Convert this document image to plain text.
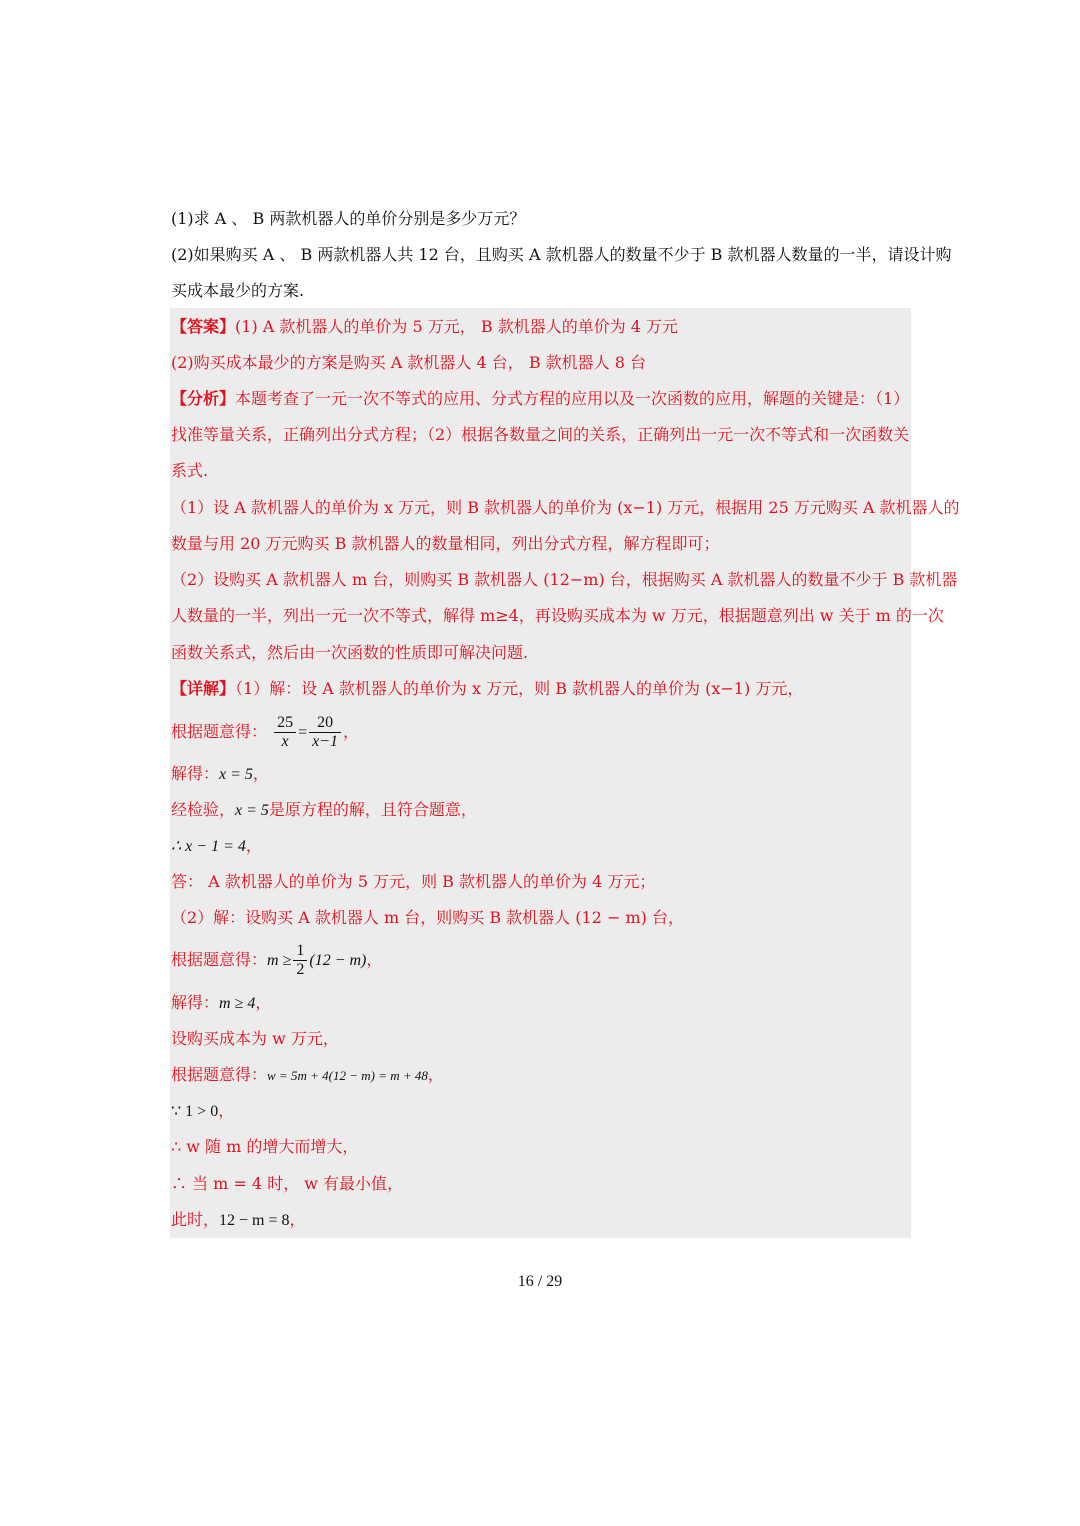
(1)求 A 、 B 两款机器人的单价分别是多少万元？
(2)如果购买 A 、 B 两款机器人共 12 台，且购买 A 款机器人的数量不少于 B 款机器人数量的一半，请设计购
买成本最少的方案.
【答案】(1) A 款机器人的单价为 5 万元， B 款机器人的单价为 4 万元
(2)购买成本最少的方案是购买 A 款机器人 4 台， B 款机器人 8 台
【分析】本题考查了一元一次不等式的应用、分式方程的应用以及一次函数的应用，解题的关键是：（1）
找准等量关系，正确列出分式方程；（2）根据各数量之间的关系，正确列出一元一次不等式和一次函数关
系式.
（1）设 A 款机器人的单价为 x 万元，则 B 款机器人的单价为 (x−1) 万元，根据用 25 万元购买 A 款机器人的
数量与用 20 万元购买 B 款机器人的数量相同，列出分式方程，解方程即可；
（2）设购买 A 款机器人 m 台，则购买 B 款机器人 (12−m) 台，根据购买 A 款机器人的数量不少于 B 款机器
人数量的一半，列出一元一次不等式，解得 m≥4，再设购买成本为 w 万元，根据题意列出 w 关于 m 的一次
函数关系式，然后由一次函数的性质即可解决问题.
【详解】（1）解：设 A 款机器人的单价为 x 万元，则 B 款机器人的单价为 (x−1) 万元，
根据题意得： $\frac{25}{x} = \frac{20}{x-1}$ ，
解得：x = 5，
经检验，x = 5是原方程的解，且符合题意，
∴ x − 1 = 4，
答： A 款机器人的单价为 5 万元，则 B 款机器人的单价为 4 万元；
（2）解：设购买 A 款机器人 m 台，则购买 B 款机器人 (12 − m) 台，
根据题意得：$m \ge \frac{1}{2} (12 - m)$，
解得：m ≥ 4，
设购买成本为 w 万元，
根据题意得：w = 5m + 4(12 − m) = m + 48，
∵ 1 > 0，
∴ w 随 m 的增大而增大，
∴ 当 m = 4 时， w 有最小值，
此时，12 − m = 8，
16 / 29
